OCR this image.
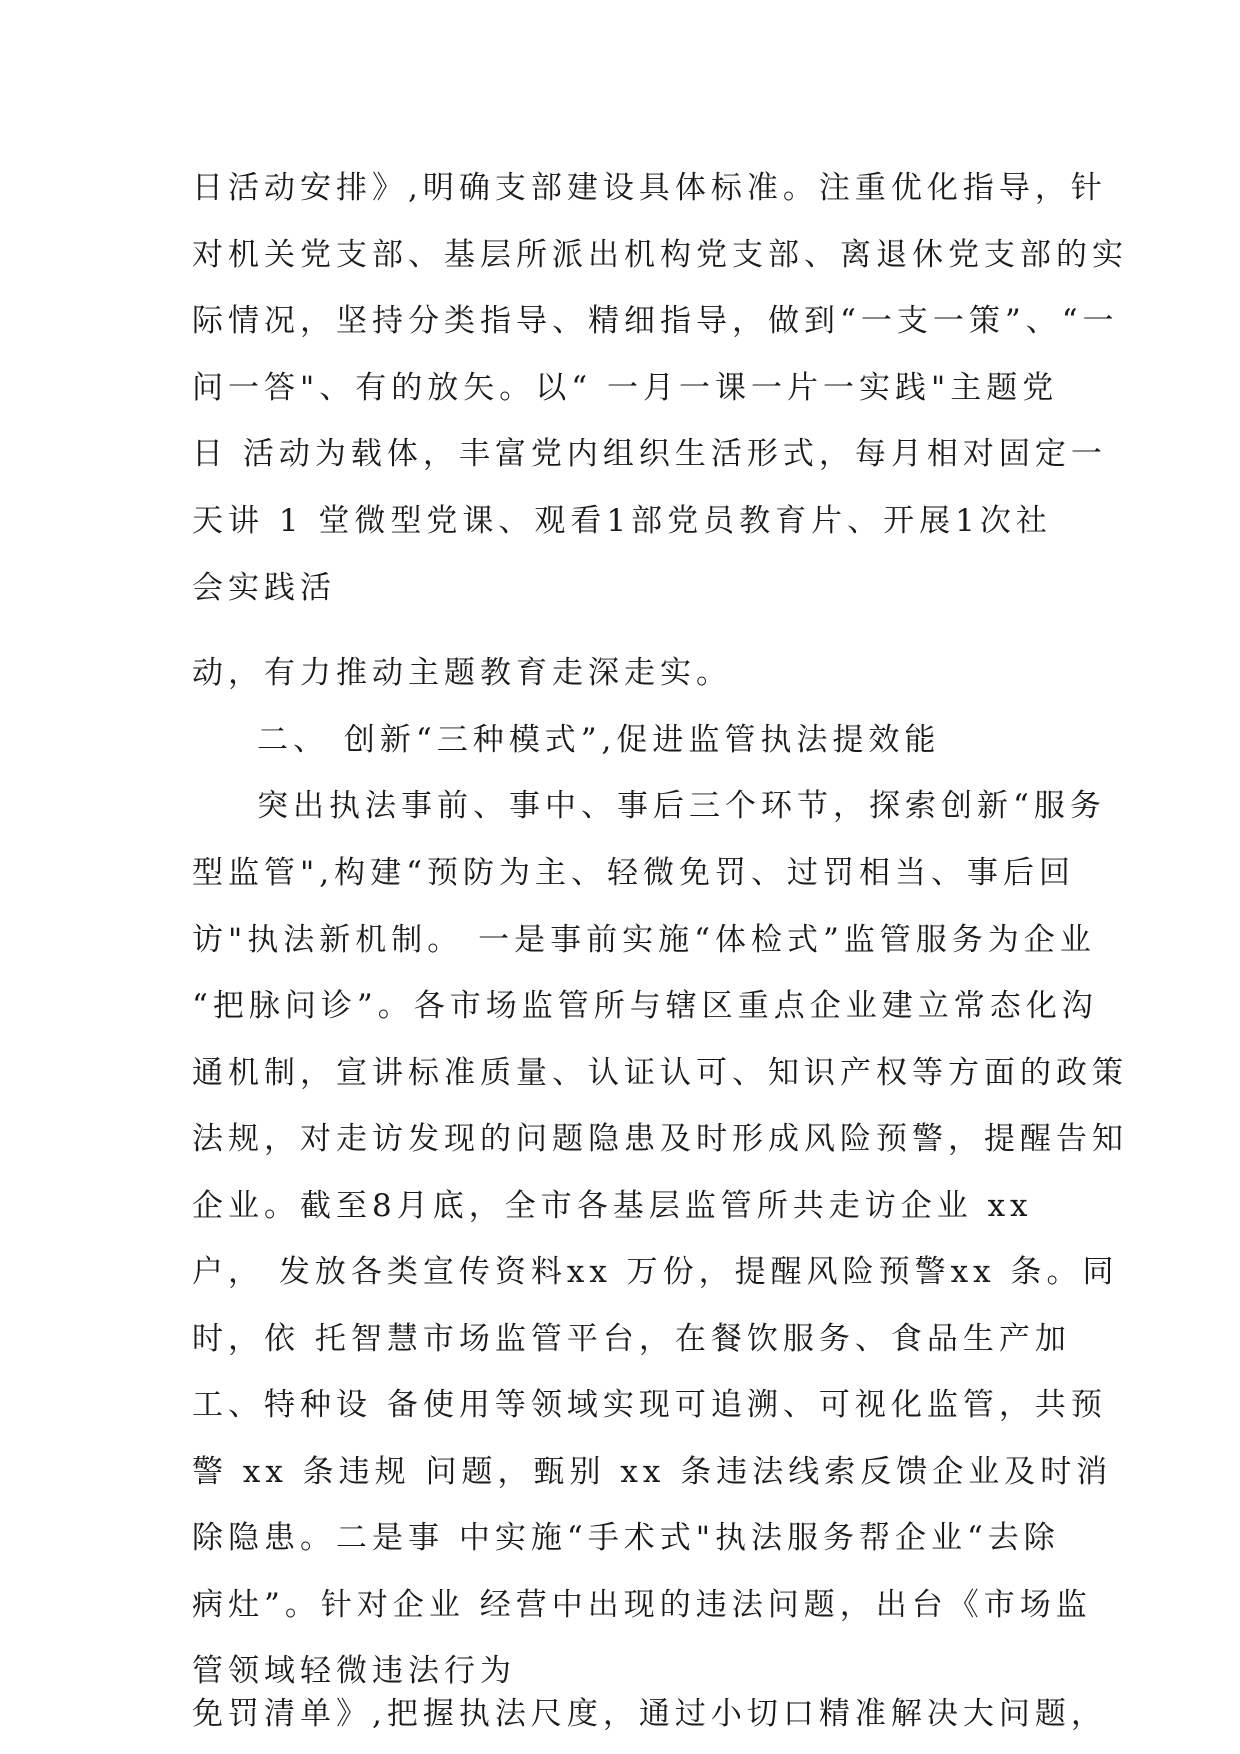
日活动安排》,明确支部建设具体标准。注重优化指导，针
对机关党支部、基层所派出机构党支部、离退休党支部的实
际情况，坚持分类指导、精细指导，做到“一支一策”、“一
问一答"、有的放矢。以“ 一月一课一片一实践"主题党
日 活动为载体，丰富党内组织生活形式，每月相对固定一
天讲 1 堂微型党课、观看1部党员教育片、开展1次社
会实践活
动，有力推动主题教育走深走实。
二、 创新“三种模式”,促进监管执法提效能
突出执法事前、事中、事后三个环节，探索创新“服务
型监管",构建“预防为主、轻微免罚、过罚相当、事后回
访"执法新机制。 一是事前实施“体检式”监管服务为企业
“把脉问诊”。各市场监管所与辖区重点企业建立常态化沟
通机制，宣讲标准质量、认证认可、知识产权等方面的政策
法规，对走访发现的问题隐患及时形成风险预警，提醒告知
企业。截至8月底，全市各基层监管所共走访企业 xx
户， 发放各类宣传资料xx 万份，提醒风险预警xx 条。同
时，依 托智慧市场监管平台，在餐饮服务、食品生产加
工、特种设 备使用等领域实现可追溯、可视化监管，共预
警 xx 条违规 问题，甄别 xx 条违法线索反馈企业及时消
除隐患。二是事 中实施“手术式"执法服务帮企业“去除
病灶”。针对企业 经营中出现的违法问题，出台《市场监
管领域轻微违法行为
免罚清单》,把握执法尺度，通过小切口精准解决大问题，
